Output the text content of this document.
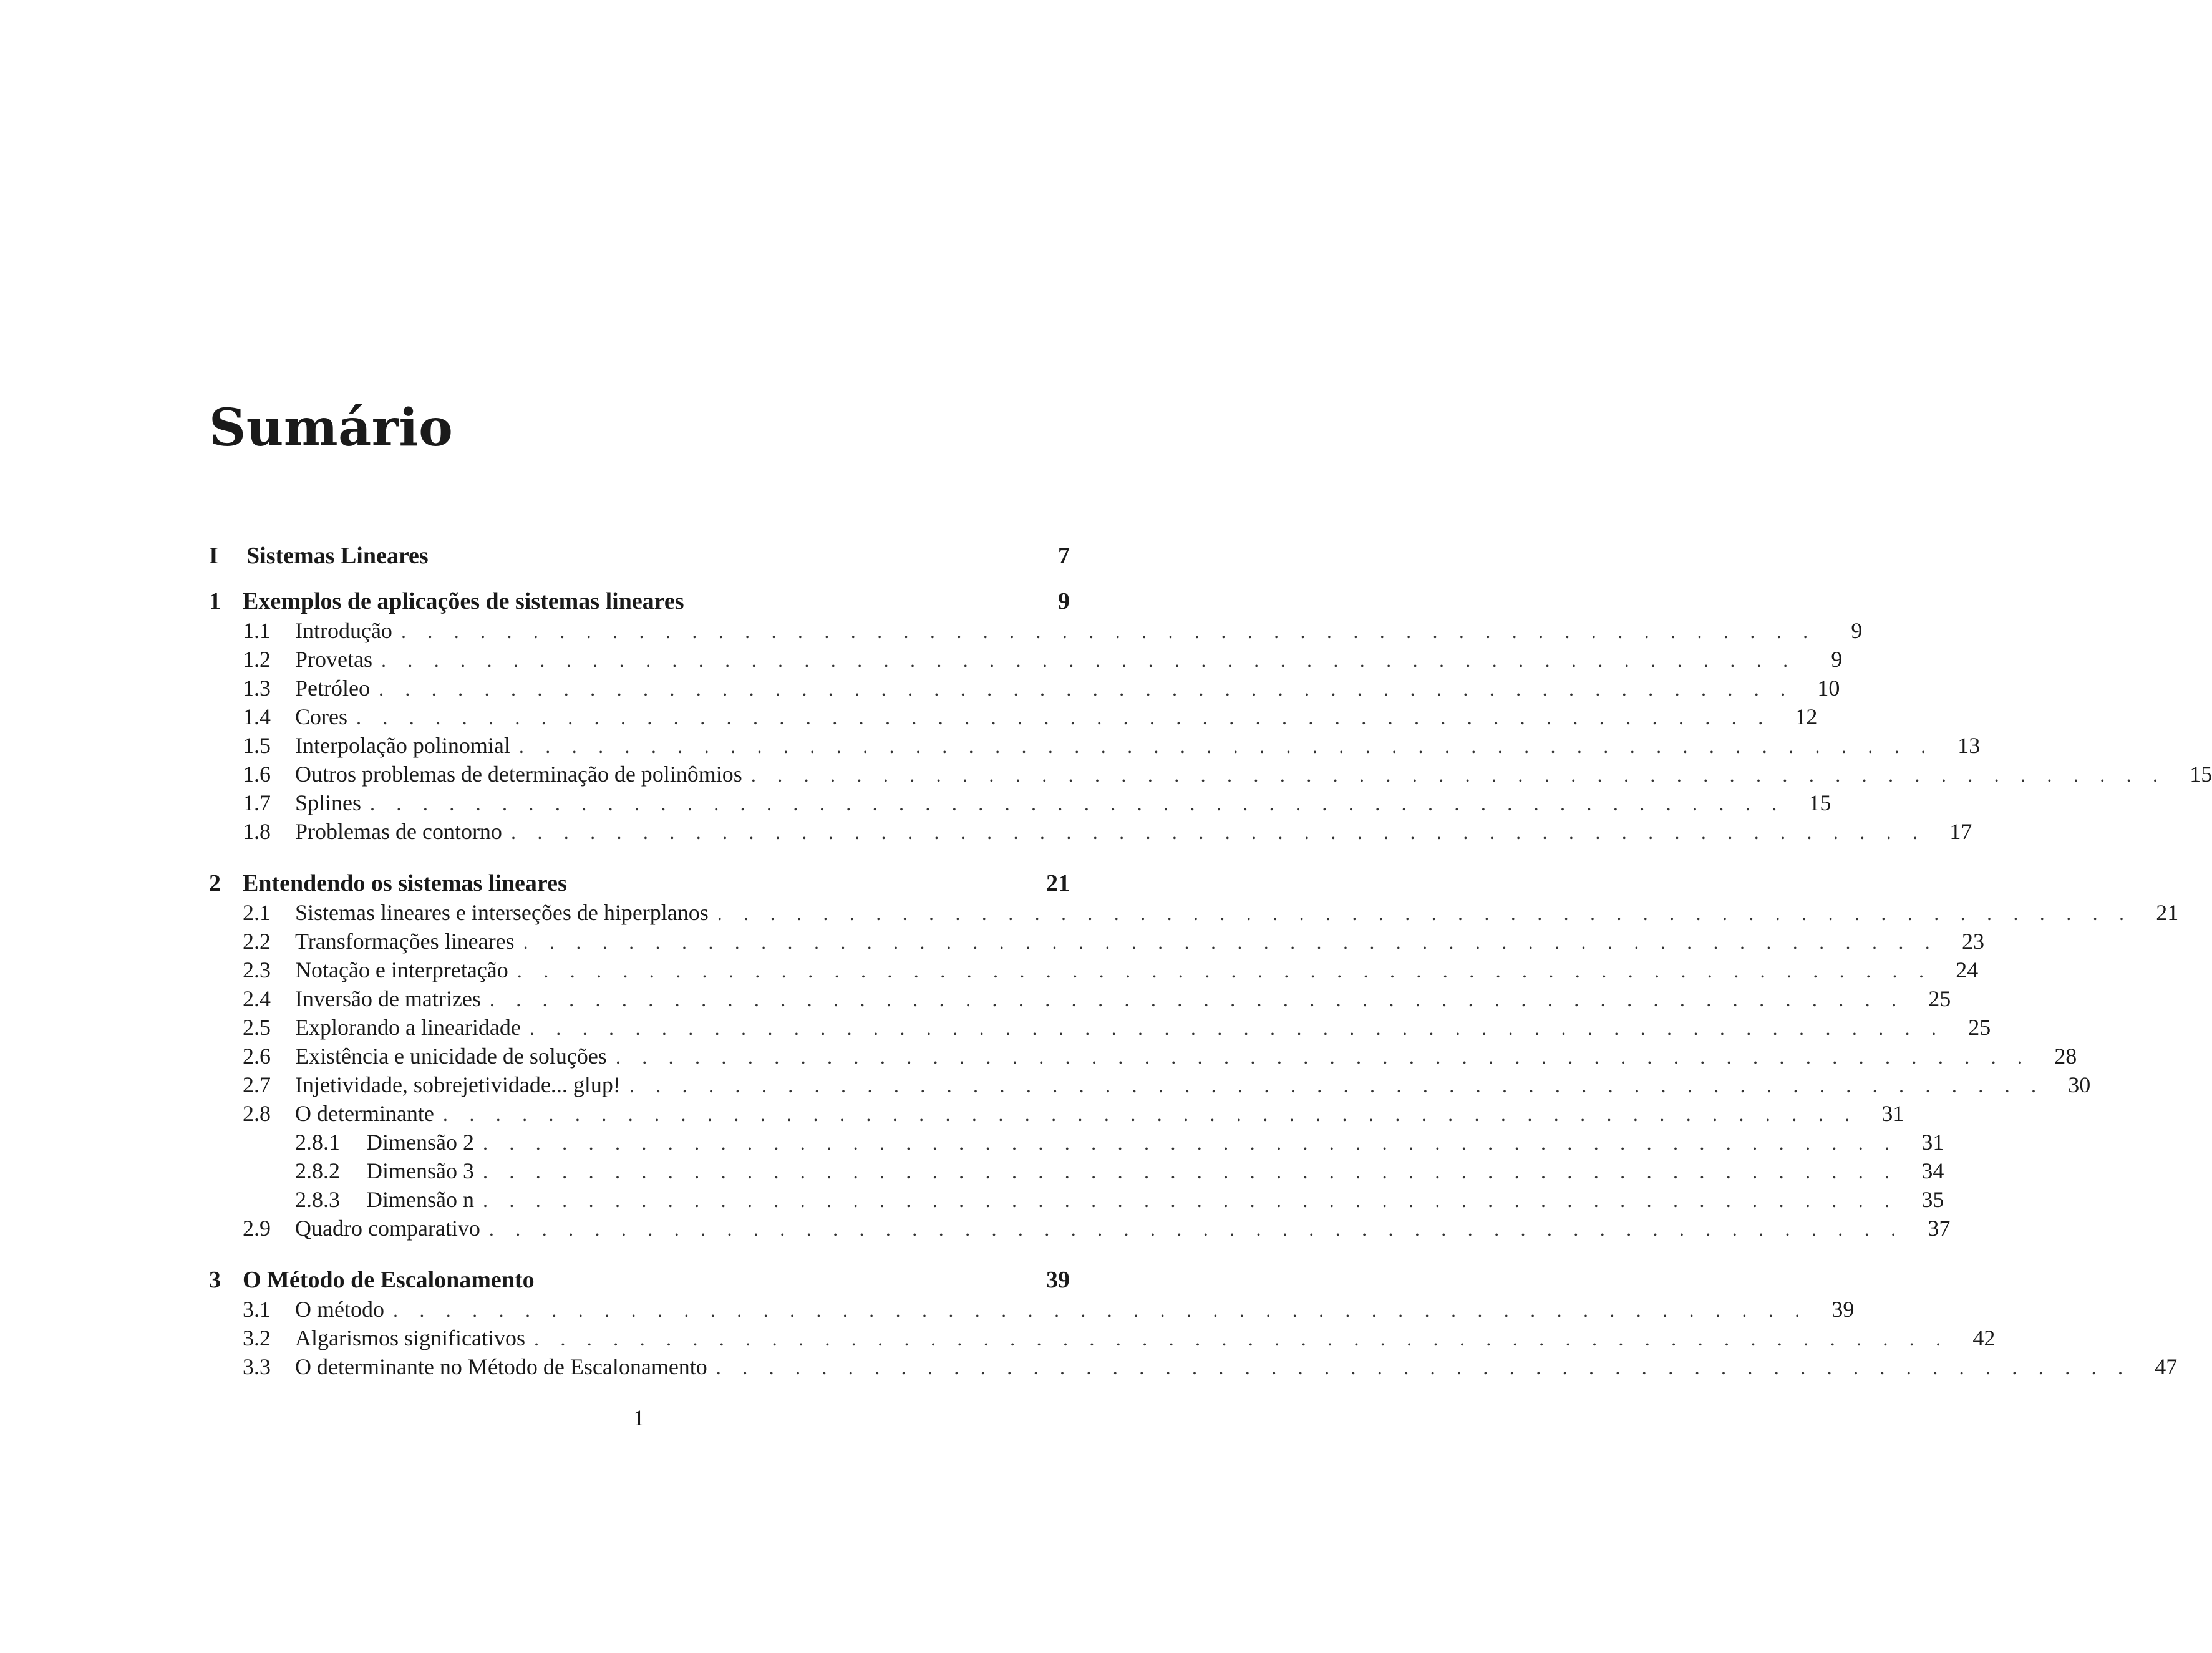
Sumário
I	Sistemas Lineares	7
1 Exemplos de aplicações de sistemas lineares	9
1.1	Introdução . . . . . . . . . . . . . . . . . . . . . . . . . . . . . . . . . . . . . . . . . . . . . . . . . . . . . .	9
1.2	Provetas . . . . . . . . . . . . . . . . . . . . . . . . . . . . . . . . . . . . . . . . . . . . . . . . . . . . . .	9
1.3	Petróleo . . . . . . . . . . . . . . . . . . . . . . . . . . . . . . . . . . . . . . . . . . . . . . . . . . . . . .	10
1.4	Cores . . . . . . . . . . . . . . . . . . . . . . . . . . . . . . . . . . . . . . . . . . . . . . . . . . . . . .	12
1.5	Interpolação polinomial . . . . . . . . . . . . . . . . . . . . . . . . . . . . . . . . . . . . . . . . . . . . . . . . . . . . . .	13
1.6	Outros problemas de determinação de polinômios . . . . . . . . . . . . . . . . . . . . . . . . . . . . . . . . . . . . . . . . . . . . . . . . . . . . . .	15
1.7	Splines . . . . . . . . . . . . . . . . . . . . . . . . . . . . . . . . . . . . . . . . . . . . . . . . . . . . . .	15
1.8	Problemas de contorno . . . . . . . . . . . . . . . . . . . . . . . . . . . . . . . . . . . . . . . . . . . . . . . . . . . . . .	17
2 Entendendo os sistemas lineares	21
2.1	Sistemas lineares e interseções de hiperplanos . . . . . . . . . . . . . . . . . . . . . . . . . . . . . . . . . . . . . . . . . . . . . . . . . . . . . .	21
2.2	Transformações lineares . . . . . . . . . . . . . . . . . . . . . . . . . . . . . . . . . . . . . . . . . . . . . . . . . . . . . .	23
2.3	Notação e interpretação . . . . . . . . . . . . . . . . . . . . . . . . . . . . . . . . . . . . . . . . . . . . . . . . . . . . . .	24
2.4	Inversão de matrizes . . . . . . . . . . . . . . . . . . . . . . . . . . . . . . . . . . . . . . . . . . . . . . . . . . . . . .	25
2.5	Explorando a linearidade . . . . . . . . . . . . . . . . . . . . . . . . . . . . . . . . . . . . . . . . . . . . . . . . . . . . . .	25
2.6	Existência e unicidade de soluções . . . . . . . . . . . . . . . . . . . . . . . . . . . . . . . . . . . . . . . . . . . . . . . . . . . . . .	28
2.7	Injetividade, sobrejetividade... glup! . . . . . . . . . . . . . . . . . . . . . . . . . . . . . . . . . . . . . . . . . . . . . . . . . . . . . .	30
2.8	O determinante . . . . . . . . . . . . . . . . . . . . . . . . . . . . . . . . . . . . . . . . . . . . . . . . . . . . . .	31
2.8.1	Dimensão 2 . . . . . . . . . . . . . . . . . . . . . . . . . . . . . . . . . . . . . . . . . . . . . . . . . . . . . .	31
2.8.2	Dimensão 3 . . . . . . . . . . . . . . . . . . . . . . . . . . . . . . . . . . . . . . . . . . . . . . . . . . . . . .	34
2.8.3	Dimensão n . . . . . . . . . . . . . . . . . . . . . . . . . . . . . . . . . . . . . . . . . . . . . . . . . . . . . .	35
2.9	Quadro comparativo . . . . . . . . . . . . . . . . . . . . . . . . . . . . . . . . . . . . . . . . . . . . . . . . . . . . . .	37
3 O Método de Escalonamento	39
3.1	O método . . . . . . . . . . . . . . . . . . . . . . . . . . . . . . . . . . . . . . . . . . . . . . . . . . . . . .	39
3.2	Algarismos significativos . . . . . . . . . . . . . . . . . . . . . . . . . . . . . . . . . . . . . . . . . . . . . . . . . . . . . .	42
3.3	O determinante no Método de Escalonamento . . . . . . . . . . . . . . . . . . . . . . . . . . . . . . . . . . . . . . . . . . . . . . . . . . . . . .	47
1
